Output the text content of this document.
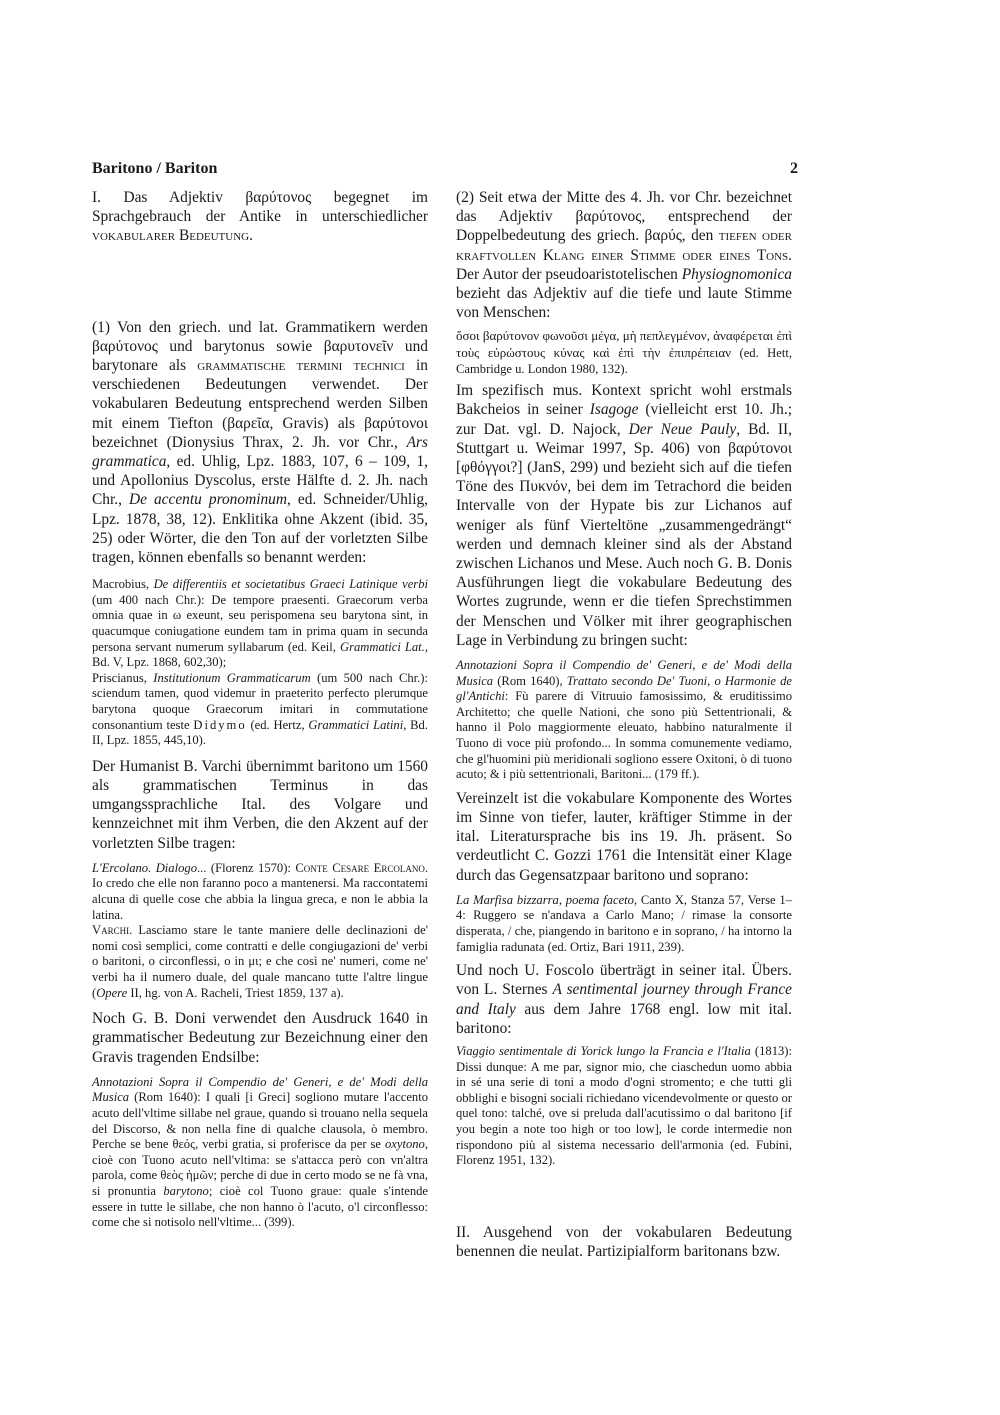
Baritono / Bariton	2

I. Das Adjektiv βαρύτονος begegnet im Sprachgebrauch der Antike in unterschiedlicher vokabularer Bedeutung.

(1) Von den griech. und lat. Grammatikern werden βαρύτονος und barytonus sowie βαρυτονεῖν und barytonare als grammatische termini technici in verschiedenen Bedeutungen verwendet. Der vokabularen Bedeutung entsprechend werden Silben mit einem Tiefton (βαρεῖα, Gravis) als βαρύτονοι bezeichnet (Dionysius Thrax, 2. Jh. vor Chr., Ars grammatica, ed. Uhlig, Lpz. 1883, 107, 6 – 109, 1, und Apollonius Dyscolus, erste Hälfte d. 2. Jh. nach Chr., De accentu pronominum, ed. Schneider/Uhlig, Lpz. 1878, 38, 12). Enklitika ohne Akzent (ibid. 35, 25) oder Wörter, die den Ton auf der vorletzten Silbe tragen, können ebenfalls so benannt werden:

Macrobius, De differentiis et societatibus Graeci Latinique verbi (um 400 nach Chr.): De tempore praesenti. Graecorum verba omnia quae in ω exeunt, seu perispomena seu barytona sint, in quacumque coniugatione eundem tam in prima quam in secunda persona servant numerum syllabarum (ed. Keil, Grammatici Lat., Bd. V, Lpz. 1868, 602,30);

Priscianus, Institutionum Grammaticarum (um 500 nach Chr.): sciendum tamen, quod videmur in praeterito perfecto plerumque barytona quoque Graecorum imitari in commutatione consonantium teste Didymo (ed. Hertz, Grammatici Latini, Bd. II, Lpz. 1855, 445,10).

Der Humanist B. Varchi übernimmt baritono um 1560 als grammatischen Terminus in das umgangssprachliche Ital. des Volgare und kennzeichnet mit ihm Verben, die den Akzent auf der vorletzten Silbe tragen:

L'Ercolano. Dialogo... (Florenz 1570): Conte Cesare Ercolano. Io credo che elle non faranno poco a mantenersi. Ma raccontatemi alcuna di quelle cose che abbia la lingua greca, e non le abbia la latina.

Varchi. Lasciamo stare le tante maniere delle declinazioni de' nomi così semplici, come contratti e delle congiugazioni de' verbi o baritoni, o circonflessi, o in μι; e che così ne' numeri, come ne' verbi ha il numero duale, del quale mancano tutte l'altre lingue (Opere II, hg. von A. Racheli, Triest 1859, 137 a).

Noch G. B. Doni verwendet den Ausdruck 1640 in grammatischer Bedeutung zur Bezeichnung einer den Gravis tragenden Endsilbe:

Annotazioni Sopra il Compendio de' Generi, e de' Modi della Musica (Rom 1640): I quali [i Greci] sogliono mutare l'accento acuto dell'vltime sillabe nel graue, quando si trouano nella sequela del Discorso, & non nella fine di qualche clausola, ò membro. Perche se bene θεός, verbi gratia, si proferisce da per se oxytono, cioè con Tuono acuto nell'vltima: se s'attacca però con vn'altra parola, come θεὸς ἡμῶν; perche di due in certo modo se ne fà vna, si pronuntia barytono; cioè col Tuono graue: quale s'intende essere in tutte le sillabe, che non hanno ò l'acuto, o'l circonflesso: come che si notisolo nell'vltime... (399).

(2) Seit etwa der Mitte des 4. Jh. vor Chr. bezeichnet das Adjektiv βαρύτονος, entsprechend der Doppelbedeutung des griech. βαρύς, den tiefen oder kraftvollen Klang einer Stimme oder eines Tons. Der Autor der pseudoaristotelischen Physiognomonica bezieht das Adjektiv auf die tiefe und laute Stimme von Menschen:

ὅσοι βαρύτονον φωνοῦσι μέγα, μὴ πεπλεγμένον, ἀναφέρεται ἐπὶ τοὺς εὐρώστους κύνας καὶ ἐπὶ τὴν ἐπιπρέπειαν (ed. Hett, Cambridge u. London 1980, 132).

Im spezifisch mus. Kontext spricht wohl erstmals Bakcheios in seiner Isagoge (vielleicht erst 10. Jh.; zur Dat. vgl. D. Najock, Der Neue Pauly, Bd. II, Stuttgart u. Weimar 1997, Sp. 406) von βαρύτονοι [φθόγγοι?] (JanS, 299) und bezieht sich auf die tiefen Töne des Πυκνόν, bei dem im Tetrachord die beiden Intervalle von der Hypate bis zur Lichanos auf weniger als fünf Vierteltöne „zusammengedrängt“ werden und demnach kleiner sind als der Abstand zwischen Lichanos und Mese. Auch noch G. B. Donis Ausführungen liegt die vokabulare Bedeutung des Wortes zugrunde, wenn er die tiefen Sprechstimmen der Menschen und Völker mit ihrer geographischen Lage in Verbindung zu bringen sucht:

Annotazioni Sopra il Compendio de' Generi, e de' Modi della Musica (Rom 1640), Trattato secondo De' Tuoni, o Harmonie de gl'Antichi: Fù parere di Vitruuio famosissimo, & eruditissimo Architetto; che quelle Nationi, che sono più Settentrionali, & hanno il Polo maggiormente eleuato, habbino naturalmente il Tuono di voce più profondo... In somma comunemente vediamo, che gl'huomini più meridionali sogliono essere Oxitoni, ò di tuono acuto; & i più settentrionali, Baritoni... (179 ff.).

Vereinzelt ist die vokabulare Komponente des Wortes im Sinne von tiefer, lauter, kräftiger Stimme in der ital. Literatursprache bis ins 19. Jh. präsent. So verdeutlicht C. Gozzi 1761 die Intensität einer Klage durch das Gegensatzpaar baritono und soprano:

La Marfisa bizzarra, poema faceto, Canto X, Stanza 57, Verse 1–4: Ruggero se n'andava a Carlo Mano; / rimase la consorte disperata, / che, piangendo in baritono e in soprano, / ha intorno la famiglia radunata (ed. Ortiz, Bari 1911, 239).

Und noch U. Foscolo überträgt in seiner ital. Übers. von L. Sternes A sentimental journey through France and Italy aus dem Jahre 1768 engl. low mit ital. baritono:

Viaggio sentimentale di Yorick lungo la Francia e l'Italia (1813): Dissi dunque: A me par, signor mio, che ciaschedun uomo abbia in sé una serie di toni a modo d'ogni stromento; e che tutti gli obblighi e bisogni sociali richiedano vicendevolmente or questo or quel tono: talché, ove si preluda dall'acutissimo o dal baritono [if you begin a note too high or too low], le corde intermedie non rispondono più al sistema necessario dell'armonia (ed. Fubini, Florenz 1951, 132).

II. Ausgehend von der vokabularen Bedeutung benennen die neulat. Partizipialform baritonans bzw.
